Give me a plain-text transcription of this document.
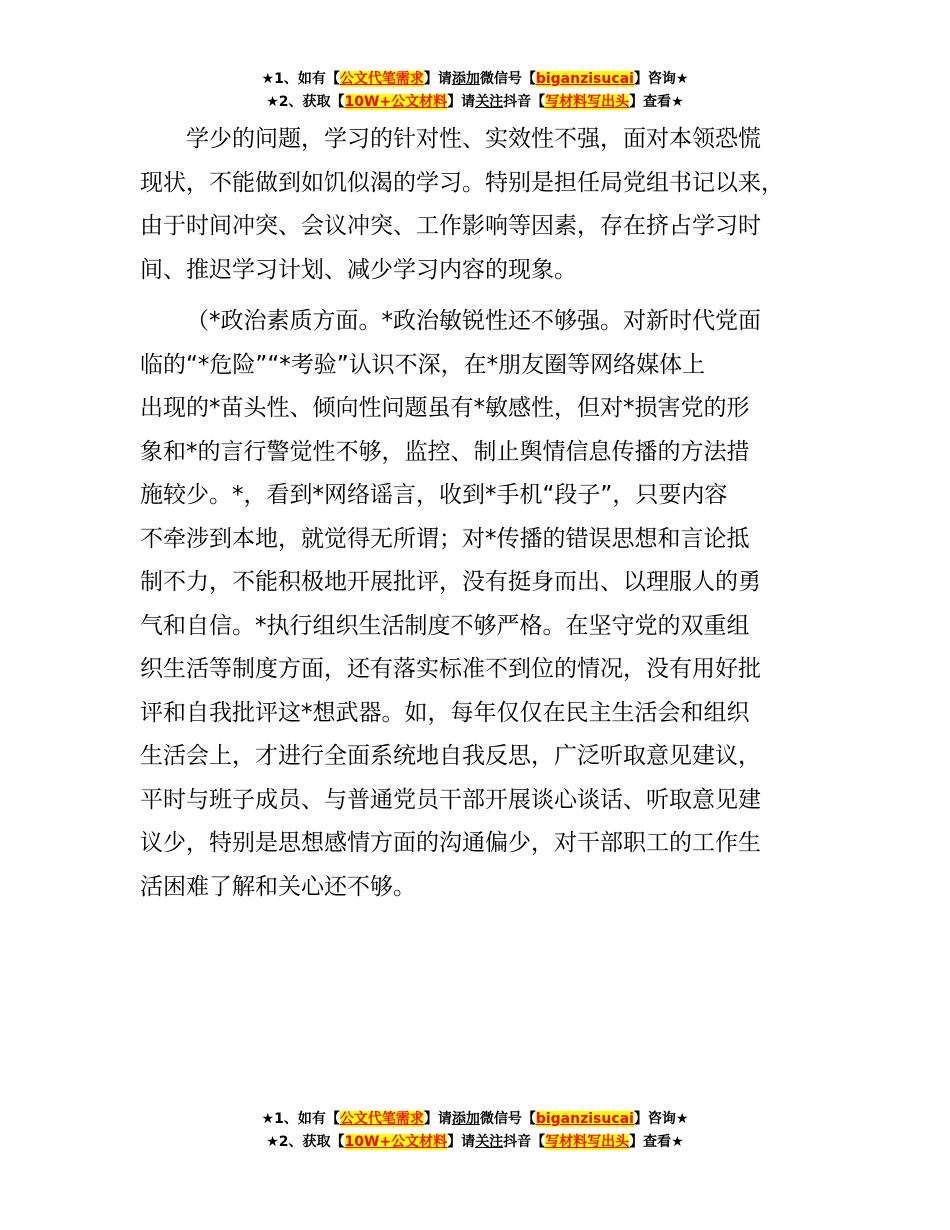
★1、如有【公文代笔需求】请添加微信号【biganzisucai】咨询★
★2、获取【10W+公文材料】请关注抖音【写材料写出头】查看★

学少的问题，学习的针对性、实效性不强，面对本领恐慌
现状，不能做到如饥似渴的学习。特别是担任局党组书记以来，
由于时间冲突、会议冲突、工作影响等因素，存在挤占学习时
间、推迟学习计划、减少学习内容的现象。

（*政治素质方面。*政治敏锐性还不够强。对新时代党面
临的“*危险”“*考验”认识不深，在*朋友圈等网络媒体上
出现的*苗头性、倾向性问题虽有*敏感性，但对*损害党的形
象和*的言行警觉性不够，监控、制止舆情信息传播的方法措
施较少。*，看到*网络谣言，收到*手机“段子”，只要内容
不牵涉到本地，就觉得无所谓；对*传播的错误思想和言论抵
制不力，不能积极地开展批评，没有挺身而出、以理服人的勇
气和自信。*执行组织生活制度不够严格。在坚守党的双重组
织生活等制度方面，还有落实标准不到位的情况，没有用好批
评和自我批评这*想武器。如，每年仅仅在民主生活会和组织
生活会上，才进行全面系统地自我反思，广泛听取意见建议，
平时与班子成员、与普通党员干部开展谈心谈话、听取意见建
议少，特别是思想感情方面的沟通偏少，对干部职工的工作生
活困难了解和关心还不够。

★1、如有【公文代笔需求】请添加微信号【biganzisucai】咨询★
★2、获取【10W+公文材料】请关注抖音【写材料写出头】查看★
